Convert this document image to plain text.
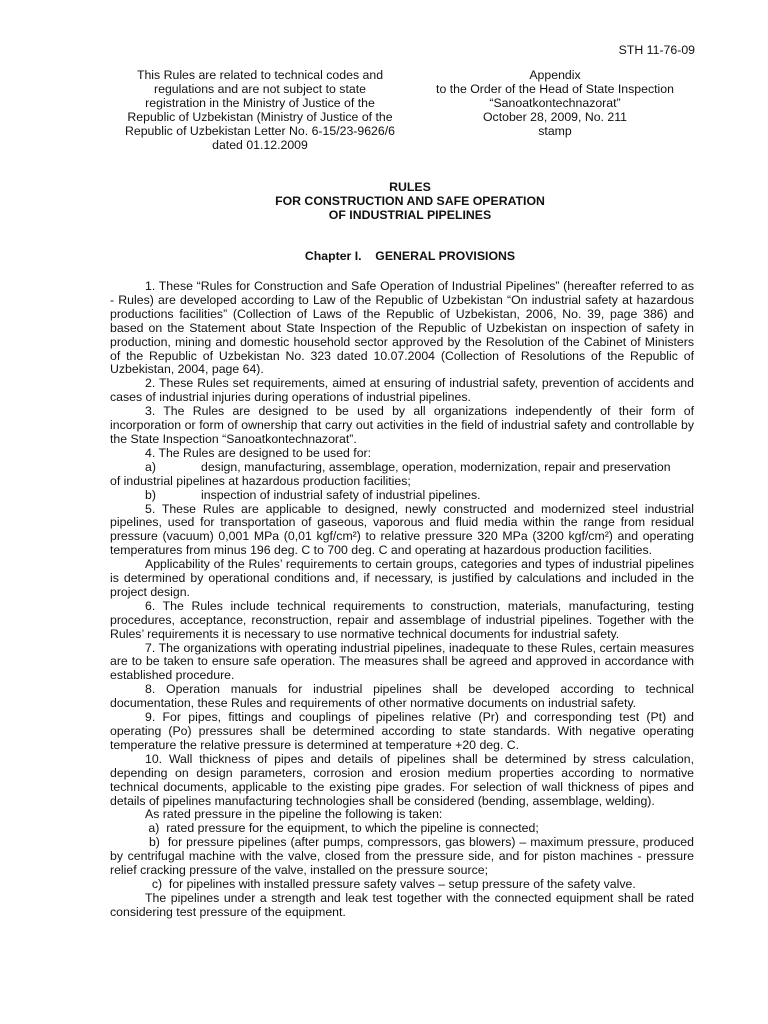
STH 11-76-09
This Rules are related to technical codes and
regulations and are not subject to state
registration in the Ministry of Justice of the
Republic of Uzbekistan (Ministry of Justice of the
Republic of Uzbekistan Letter No. 6-15/23-9626/6
dated 01.12.2009
Appendix
to the Order of the Head of State Inspection
“Sanoatkontechnazorat”
October 28, 2009, No. 211
stamp
RULES
FOR CONSTRUCTION AND SAFE OPERATION
OF INDUSTRIAL PIPELINES
Chapter I.    GENERAL PROVISIONS

1. These “Rules for Construction and Safe Operation of Industrial Pipelines” (hereafter referred to as - Rules) are developed according to Law of the Republic of Uzbekistan “On industrial safety at hazardous productions facilities” (Collection of Laws of the Republic of Uzbekistan, 2006, No. 39, page 386) and based on the Statement about State Inspection of the Republic of Uzbekistan on inspection of safety in production, mining and domestic household sector approved by the Resolution of the Cabinet of Ministers of the Republic of Uzbekistan No. 323 dated 10.07.2004 (Collection of Resolutions of the Republic of Uzbekistan, 2004, page 64).

2. These Rules set requirements, aimed at ensuring of industrial safety, prevention of accidents and cases of industrial injuries during operations of industrial pipelines.

3. The Rules are designed to be used by all organizations independently of their form of incorporation or form of ownership that carry out activities in the field of industrial safety and controllable by the State Inspection “Sanoatkontechnazorat”.

4. The Rules are designed to be used for:

a)	design, manufacturing, assemblage, operation, modernization, repair and preservation
of industrial pipelines at hazardous production facilities;
b)	inspection of industrial safety of industrial pipelines.

5. These Rules are applicable to designed, newly constructed and modernized steel industrial pipelines, used for transportation of gaseous, vaporous and fluid media within the range from residual pressure (vacuum) 0,001 MPa (0,01 kgf/cm²) to relative pressure 320 MPa (3200 kgf/cm²) and operating temperatures from minus 196 deg. C to 700 deg. C and operating at hazardous production facilities.

Applicability of the Rules’ requirements to certain groups, categories and types of industrial pipelines is determined by operational conditions and, if necessary, is justified by calculations and included in the project design.

6. The Rules include technical requirements to construction, materials, manufacturing, testing procedures, acceptance, reconstruction, repair and assemblage of industrial pipelines. Together with the Rules’ requirements it is necessary to use normative technical documents for industrial safety.

7. The organizations with operating industrial pipelines, inadequate to these Rules, certain measures are to be taken to ensure safe operation. The measures shall be agreed and approved in accordance with established procedure.

8. Operation manuals for industrial pipelines shall be developed according to technical documentation, these Rules and requirements of other normative documents on industrial safety.

9. For pipes, fittings and couplings of pipelines relative (Pr) and corresponding test (Pt) and operating (Po) pressures shall be determined according to state standards. With negative operating temperature the relative pressure is determined at temperature +20 deg. C.

10. Wall thickness of pipes and details of pipelines shall be determined by stress calculation, depending on design parameters, corrosion and erosion medium properties according to normative technical documents, applicable to the existing pipe grades. For selection of wall thickness of pipes and details of pipelines manufacturing technologies shall be considered (bending, assemblage, welding).

As rated pressure in the pipeline the following is taken:

a)  rated pressure for the equipment, to which the pipeline is connected;

b)  for pressure pipelines (after pumps, compressors, gas blowers) – maximum pressure, produced by centrifugal machine with the valve, closed from the pressure side, and for piston machines - pressure relief cracking pressure of the valve, installed on the pressure source;

c)  for pipelines with installed pressure safety valves – setup pressure of the safety valve.

The pipelines under a strength and leak test together with the connected equipment shall be rated considering test pressure of the equipment.
